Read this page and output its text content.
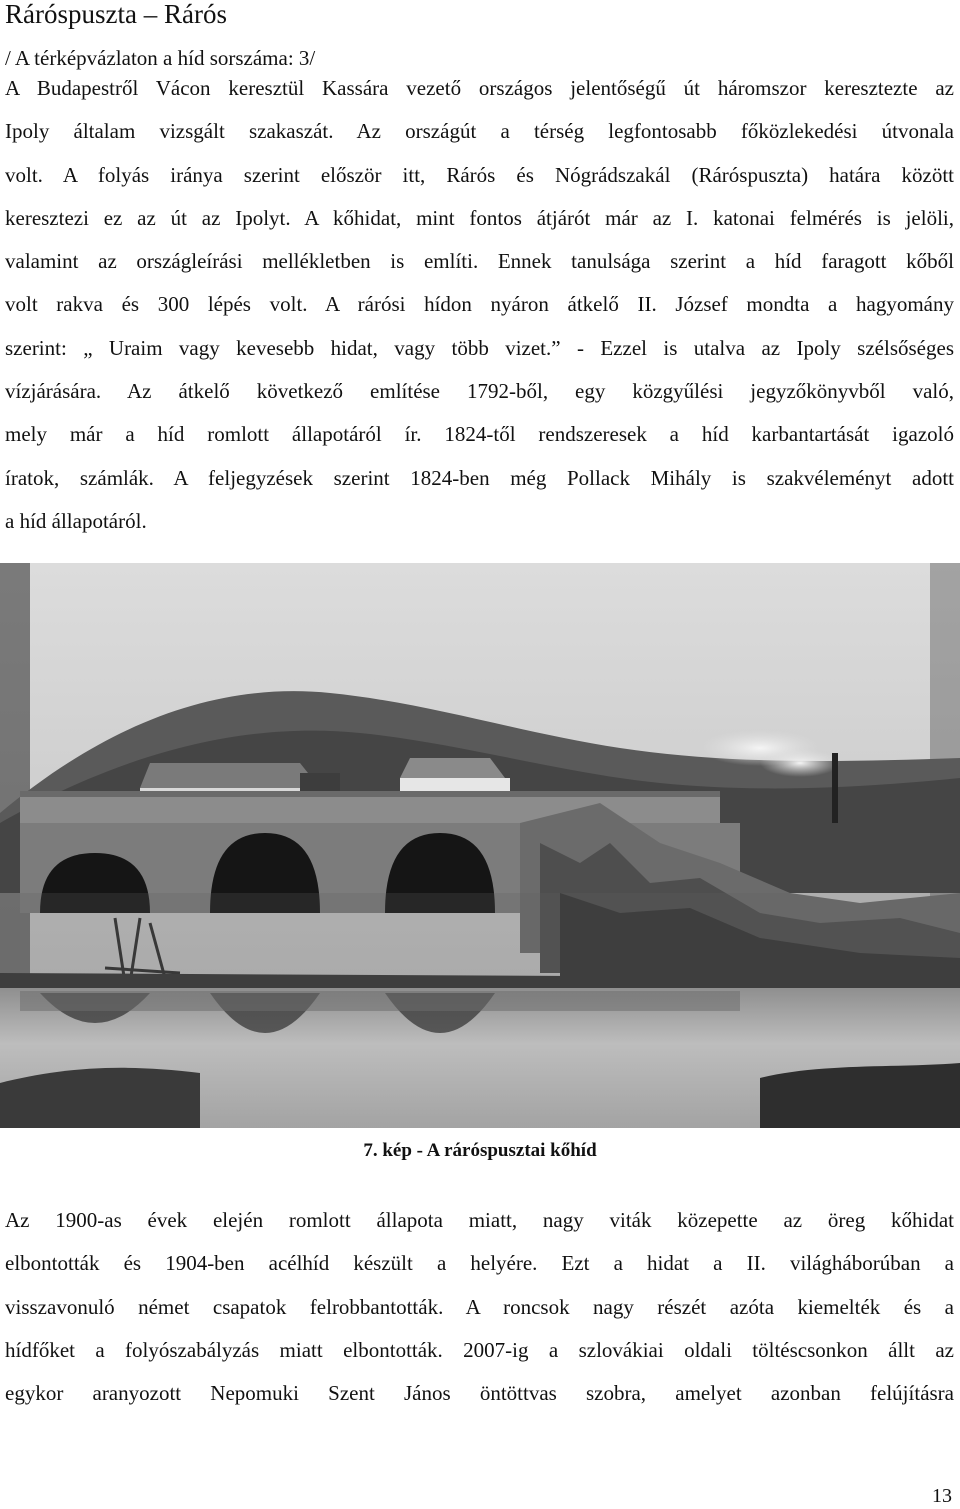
Ráróspuszta – Rárós
/ A térképvázlaton a híd sorszáma: 3/
A Budapestről Vácon keresztül Kassára vezető országos jelentőségű út háromszor keresztezte az
Ipoly általam vizsgált szakaszát. Az országút a térség legfontosabb főközlekedési útvonala
volt. A folyás iránya szerint először itt, Rárós és Nógrádszakál (Ráróspuszta) határa között
keresztezi ez az út az Ipolyt. A kőhidat, mint fontos átjárót már az I. katonai felmérés is jelöli,
valamint az országleírási mellékletben is említi. Ennek tanulsága szerint a híd faragott kőből
volt rakva és 300 lépés volt. A rárósi hídon nyáron átkelő II. József mondta a hagyomány
szerint: „ Uraim vagy kevesebb hidat, vagy több vizet.” - Ezzel is utalva az Ipoly szélsőséges
vízjárására. Az átkelő következő említése 1792-ből, egy közgyűlési jegyzőkönyvből való,
mely már a híd romlott állapotáról ír. 1824-től rendszeresek a híd karbantartását igazoló
íratok, számlák. A feljegyzések szerint 1824-ben még Pollack Mihály is szakvéleményt adott
a híd állapotáról.
7. kép - A ráróspusztai kőhíd
Az 1900-as évek elején romlott állapota miatt, nagy viták közepette az öreg kőhidat
elbontották és 1904-ben acélhíd készült a helyére. Ezt a hidat a II. világháborúban a
visszavonuló német csapatok felrobbantották. A roncsok nagy részét azóta kiemelték és a
hídfőket a folyószabályzás miatt elbontották. 2007-ig a szlovákiai oldali töltéscsonkon állt az
egykor aranyozott Nepomuki Szent János öntöttvas szobra, amelyet azonban felújításra
13
